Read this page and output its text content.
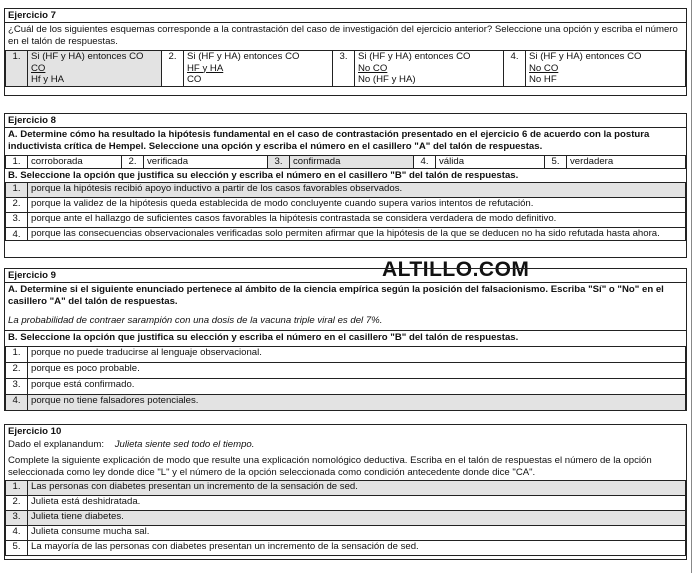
Ejercicio 7
¿Cuál de los siguientes esquemas corresponde a la contrastación del caso de investigación del ejercicio anterior? Seleccione una opción y escriba el número en el talón de respuestas.
1.	Si (HF y HA) entonces CO
CO
Hf y HA
	2.	Si (HF y HA) entonces CO
HF y HA
CO
	3.	Si (HF y HA) entonces CO
No CO
No (HF y HA)
	4.	Si (HF y HA) entonces CO
No CO
No HF
Ejercicio 8
A. Determine cómo ha resultado la hipótesis fundamental en el caso de contrastación presentado en el ejercicio 6 de acuerdo con la postura inductivista crítica de Hempel. Seleccione una opción y escriba el número en el casillero "A" del talón de respuestas.
1.	corroborada	2.	verificada	3.	confirmada	4.	válida	5.	verdadera
B. Seleccione la opción que justifica su elección y escriba el número en el casillero "B" del talón de respuestas.
1.	porque la hipótesis recibió apoyo inductivo a partir de los casos favorables observados.
2.	porque la validez de la hipótesis queda establecida de modo concluyente cuando supera varios intentos de refutación.
3.	porque ante el hallazgo de suficientes casos favorables la hipótesis contrastada se considera verdadera de modo definitivo.
4.	porque las consecuencias observacionales verificadas solo permiten afirmar que la hipótesis de la que se deducen no ha sido refutada hasta ahora.
ALTILLO.COM
Ejercicio 9
A. Determine si el siguiente enunciado pertenece al ámbito de la ciencia empírica según la posición del falsacionismo. Escriba "Sí" o "No" en el casillero "A" del talón de respuestas.
La probabilidad de contraer sarampión con una dosis de la vacuna triple viral es del 7%.
B. Seleccione la opción que justifica su elección y escriba el número en el casillero "B" del talón de respuestas.
1.	porque no puede traducirse al lenguaje observacional.
2.	porque es poco probable.
3.	porque está confirmado.
4.	porque no tiene falsadores potenciales.
Ejercicio 10
Dado el explanandum: Julieta siente sed todo el tiempo.
Complete la siguiente explicación de modo que resulte una explicación nomológico deductiva. Escriba en el talón de respuestas el número de la opción seleccionada como ley donde dice "L" y el número de la opción seleccionada como condición antecedente donde dice "CA".
1.	Las personas con diabetes presentan un incremento de la sensación de sed.
2.	Julieta está deshidratada.
3.	Julieta tiene diabetes.
4.	Julieta consume mucha sal.
5.	La mayoría de las personas con diabetes presentan un incremento de la sensación de sed.
